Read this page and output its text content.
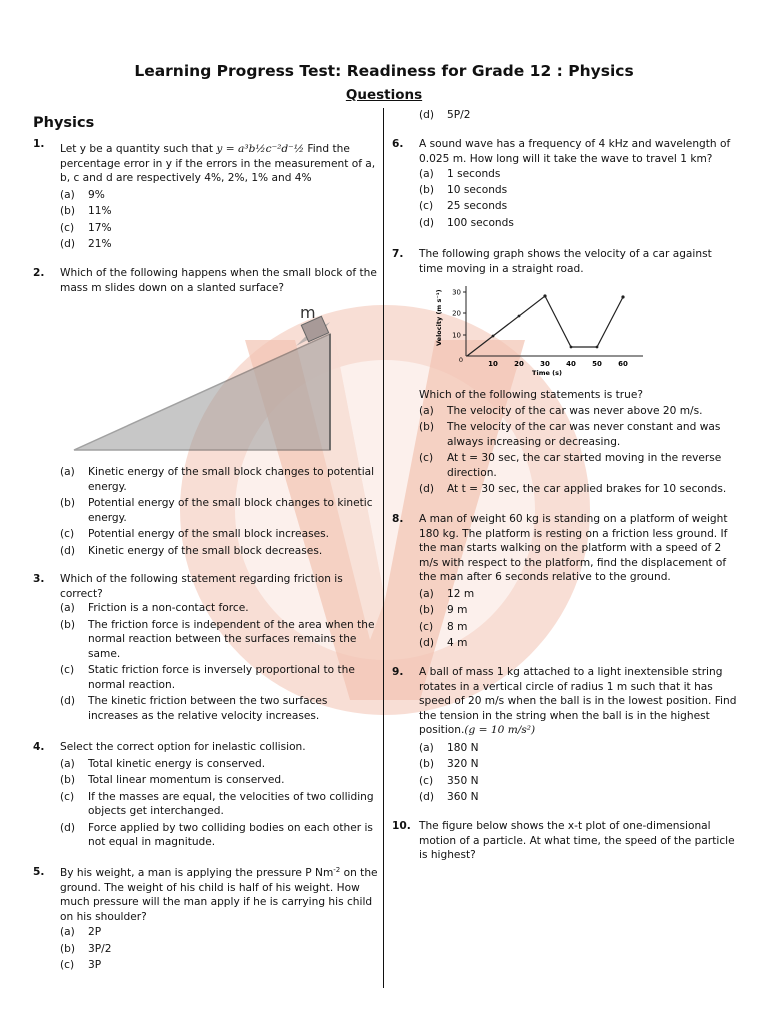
Learning Progress Test: Readiness for Grade 12 : Physics
Questions
Physics
1. Let y be a quantity such that y = a³b½c⁻²d⁻½ Find the percentage error in y if the errors in the measurement of a, b, c and d are respectively 4%, 2%, 1% and 4%
(a) 9%
(b) 11%
(c) 17%
(d) 21%
2. Which of the following happens when the small block of the mass m slides down on a slanted surface?
m
(a) Kinetic energy of the small block changes to potential energy.
(b) Potential energy of the small block changes to kinetic energy.
(c) Potential energy of the small block increases.
(d) Kinetic energy of the small block decreases.
3. Which of the following statement regarding friction is correct?
(a) Friction is a non-contact force.
(b) The friction force is independent of the area when the normal reaction between the surfaces remains the same.
(c) Static friction force is inversely proportional to the normal reaction.
(d) The kinetic friction between the two surfaces increases as the relative velocity increases.
4. Select the correct option for inelastic collision.
(a) Total kinetic energy is conserved.
(b) Total linear momentum is conserved.
(c) If the masses are equal, the velocities of two colliding objects get interchanged.
(d) Force applied by two colliding bodies on each other is not equal in magnitude.
5. By his weight, a man is applying the pressure P $Nm^{-2}$ on the ground. The weight of his child is half of his weight. How much pressure will the man apply if he is carrying his child on his shoulder?
(a) 2P
(b) 3P/2
(c) 3P
(d) 5P/2
6. A sound wave has a frequency of 4 kHz and wavelength of 0.025 m. How long will it take the wave to travel 1 km?
(a) 1 seconds
(b) 10 seconds
(c) 25 seconds
(d) 100 seconds
7. The following graph shows the velocity of a car against time moving in a straight road.
Velocity (m s⁻¹)
0
30
20
10
10 20 30 40 50 60
Time (s)
Which of the following statements is true?
(a) The velocity of the car was never above 20 m/s.
(b) The velocity of the car was never constant and was always increasing or decreasing.
(c) At t = 30 sec, the car started moving in the reverse direction.
(d) At t = 30 sec, the car applied brakes for 10 seconds.
8. A man of weight 60 kg is standing on a platform of weight 180 kg. The platform is resting on a friction less ground. If the man starts walking on the platform with a speed of 2 m/s with respect to the platform, find the displacement of the man after 6 seconds relative to the ground.
(a) 12 m
(b) 9 m
(c) 8 m
(d) 4 m
9. A ball of mass 1 kg attached to a light inextensible string rotates in a vertical circle of radius 1 m such that it has speed of 20 m/s when the ball is in the lowest position. Find the tension in the string when the ball is in the highest position.(g = 10 m/s²)
(a) 180 N
(b) 320 N
(c) 350 N
(d) 360 N
10. The figure below shows the x-t plot of one-dimensional motion of a particle. At what time, the speed of the particle is highest?
